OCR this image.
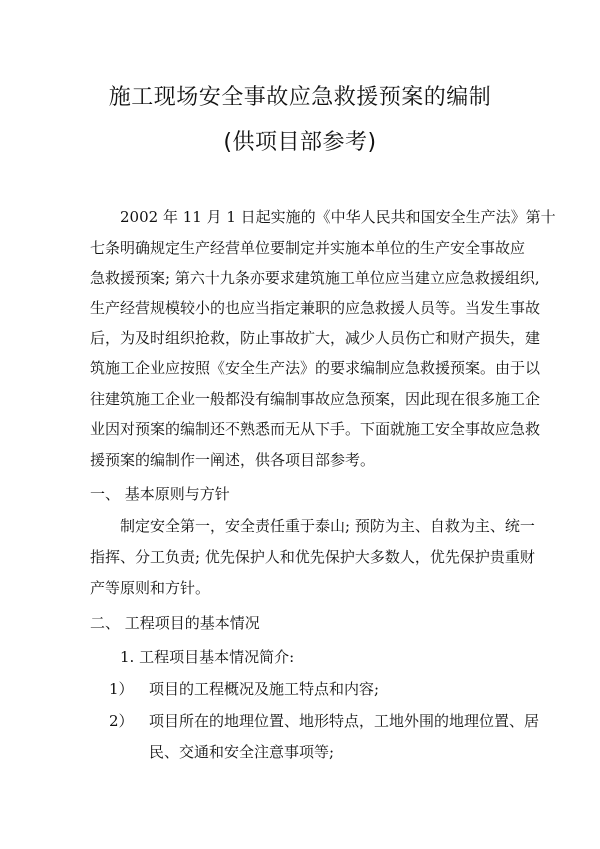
施工现场安全事故应急救援预案的编制
(供项目部参考)

2002 年 11 月 1 日起实施的《中华人民共和国安全生产法》第十

七条明确规定生产经营单位要制定并实施本单位的生产安全事故应

急救援预案; 第六十九条亦要求建筑施工单位应当建立应急救援组织,

生产经营规模较小的也应当指定兼职的应急救援人员等。当发生事故

后，为及时组织抢救，防止事故扩大，减少人员伤亡和财产损失，建

筑施工企业应按照《安全生产法》的要求编制应急救援预案。由于以

往建筑施工企业一般都没有编制事故应急预案，因此现在很多施工企

业因对预案的编制还不熟悉而无从下手。下面就施工安全事故应急救

援预案的编制作一阐述，供各项目部参考。

一、 基本原则与方针

制定安全第一，安全责任重于泰山; 预防为主、自救为主、统一

指挥、分工负责; 优先保护人和优先保护大多数人，优先保护贵重财

产等原则和方针。

二、 工程项目的基本情况

1. 工程项目基本情况简介:

1） 项目的工程概况及施工特点和内容;

2） 项目所在的地理位置、地形特点，工地外围的地理位置、居

民、交通和安全注意事项等;
